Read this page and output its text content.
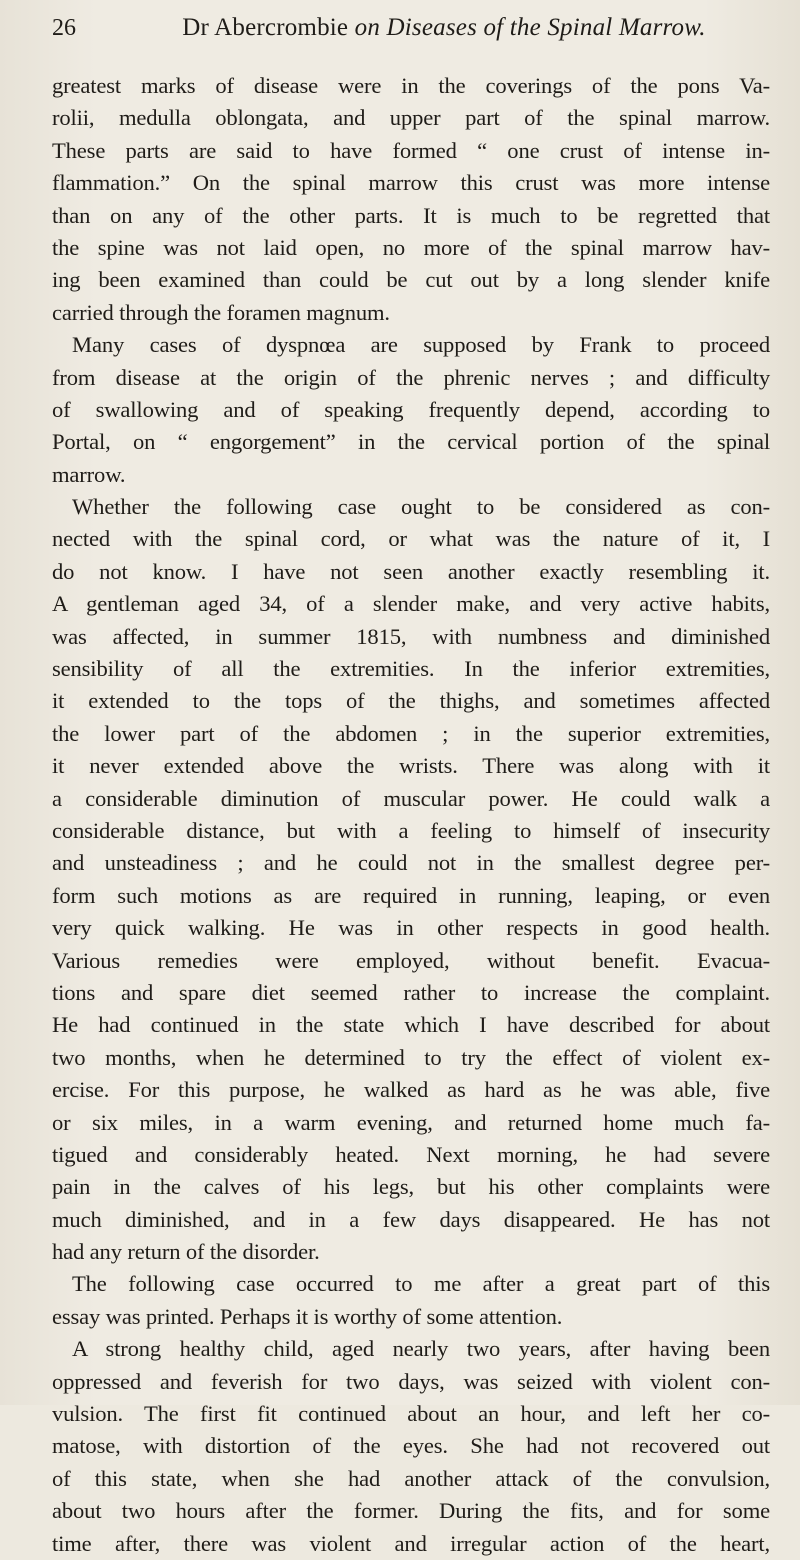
26	Dr Abercrombie on Diseases of the Spinal Marrow.
greatest marks of disease were in the coverings of the pons Va-
rolii, medulla oblongata, and upper part of the spinal marrow.
These parts are said to have formed “ one crust of intense in-
flammation.” On the spinal marrow this crust was more intense
than on any of the other parts. It is much to be regretted that
the spine was not laid open, no more of the spinal marrow hav-
ing been examined than could be cut out by a long slender knife
carried through the foramen magnum.
Many cases of dyspnœa are supposed by Frank to proceed
from disease at the origin of the phrenic nerves ; and difficulty
of swallowing and of speaking frequently depend, according to
Portal, on “ engorgement” in the cervical portion of the spinal
marrow.
Whether the following case ought to be considered as con-
nected with the spinal cord, or what was the nature of it, I
do not know. I have not seen another exactly resembling it.
A gentleman aged 34, of a slender make, and very active habits,
was affected, in summer 1815, with numbness and diminished
sensibility of all the extremities. In the inferior extremities,
it extended to the tops of the thighs, and sometimes affected
the lower part of the abdomen ; in the superior extremities,
it never extended above the wrists. There was along with it
a considerable diminution of muscular power. He could walk a
considerable distance, but with a feeling to himself of insecurity
and unsteadiness ; and he could not in the smallest degree per-
form such motions as are required in running, leaping, or even
very quick walking. He was in other respects in good health.
Various remedies were employed, without benefit. Evacua-
tions and spare diet seemed rather to increase the complaint.
He had continued in the state which I have described for about
two months, when he determined to try the effect of violent ex-
ercise. For this purpose, he walked as hard as he was able, five
or six miles, in a warm evening, and returned home much fa-
tigued and considerably heated. Next morning, he had severe
pain in the calves of his legs, but his other complaints were
much diminished, and in a few days disappeared. He has not
had any return of the disorder.
The following case occurred to me after a great part of this
essay was printed. Perhaps it is worthy of some attention.
A strong healthy child, aged nearly two years, after having been
oppressed and feverish for two days, was seized with violent con-
vulsion. The first fit continued about an hour, and left her co-
matose, with distortion of the eyes. She had not recovered out
of this state, when she had another attack of the convulsion,
about two hours after the former. During the fits, and for some
time after, there was violent and irregular action of the heart,
